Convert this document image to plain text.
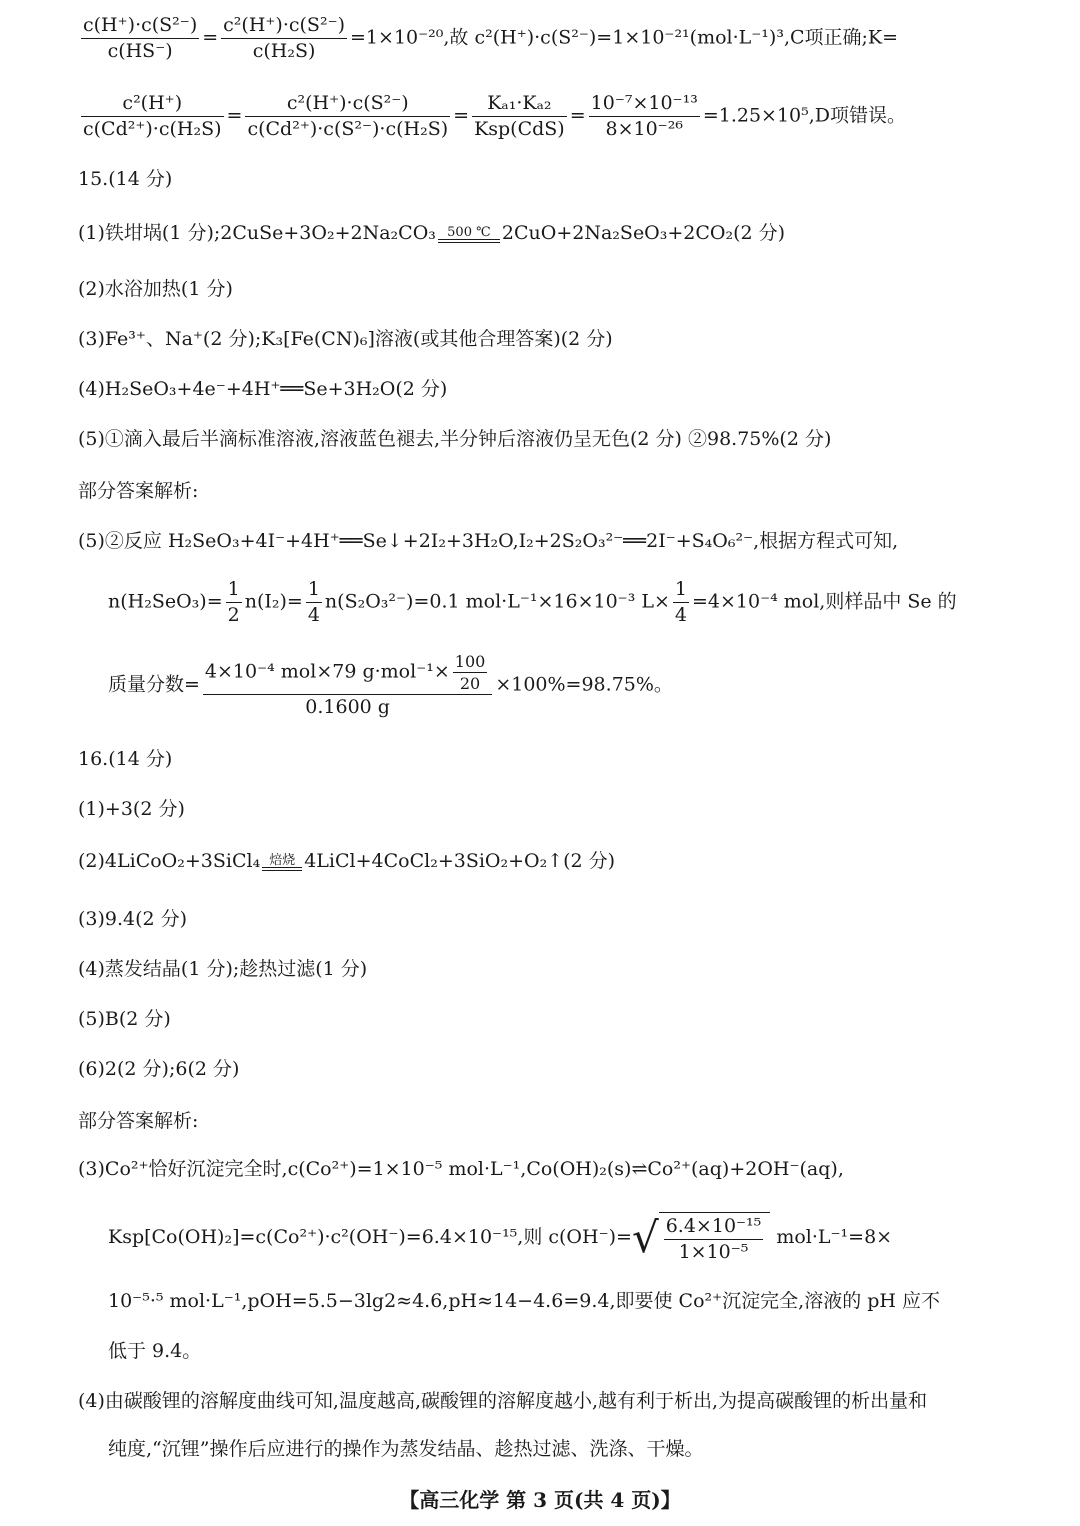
$\frac{\text{c(H⁺)·c(S²⁻)}}{c(HS^-)} = \frac{\text{c²(H⁺)·c(S²⁻)}}{\text{c(H₂S)}} =1\times 10^{-20}$,故 c²(H⁺)·c(S²⁻)=1×10⁻²¹(mol·L⁻¹)³,C项正确;K=
$\frac{\text{c²(H⁺)}}{\text{c(Cd²⁺)·c(H₂S)}} = \frac{\text{c²(H⁺)·c(S²⁻)}}{\text{c(Cd²⁺)·c(S²⁻)·c(H₂S)}} = \frac{\text{Kₐ₁·Kₐ₂}}{\text{Ksp(CdS)}} = \frac{\text{10⁻⁷×10⁻¹³}}{\text{8×10⁻²⁶}} =1.25\times 10^5,D$项错误。
15.(14 分)
(1)铁坩埚(1 分);2CuSe+3O₂+2Na₂CO₃ 500 ℃ 2CuO+2Na₂SeO₃+2CO₂(2 分)
(2)水浴加热(1 分)
(3)Fe³⁺、Na⁺(2 分);K₃[Fe(CN)₆]溶液(或其他合理答案)(2 分)
(4)H₂SeO₃+4e⁻+4H⁺══Se+3H₂O(2 分)
(5)①滴入最后半滴标准溶液,溶液蓝色褪去,半分钟后溶液仍呈无色(2 分) ②98.75%(2 分)
部分答案解析:
(5)②反应 H₂SeO₃+4I⁻+4H⁺══Se↓+2I₂+3H₂O,I₂+2S₂O₃²⁻══2I⁻+S₄O₆²⁻,根据方程式可知,
$n(H_2SeO_3)= \frac{1}{2} n(I_2)= \frac{1}{4} n(S_2O_3^{2-})=0.1$ mol·L⁻¹×16×10⁻³ $L\times \frac{1}{4} =4\times 10^{-4}$ mol,则样品中 Se 的
质量分数= $\frac{4\times 10^{-4} mol\times 79 g\cdot mol^{-1}\times \frac{100}{20}}{0.1600 g} \times 100\%=98.75\%$。
16.(14 分)
(1)+3(2 分)
(2)4LiCoO₂+3SiCl₄ 焙烧 4LiCl+4CoCl₂+3SiO₂+O₂↑(2 分)
(3)9.4(2 分)
(4)蒸发结晶(1 分);趁热过滤(1 分)
(5)B(2 分)
(6)2(2 分);6(2 分)
部分答案解析:
(3)Co²⁺恰好沉淀完全时,c(Co²⁺)=1×10⁻⁵ mol·L⁻¹,Co(OH)₂(s)⇌Co²⁺(aq)+2OH⁻(aq),
Ksp[Co(OH)₂]=c(Co²⁺)·c²(OH⁻)=6.4×10⁻¹⁵,则 $c(OH^-)=√ \frac{\text{6.4×10⁻¹⁵}}{\text{1×10⁻⁵}} mol\cdot L^{-1}=8\times$
10⁻⁵·⁵ mol·L⁻¹,pOH=5.5−3lg2≈4.6,pH≈14−4.6=9.4,即要使 Co²⁺沉淀完全,溶液的 pH 应不
低于 9.4。
(4)由碳酸锂的溶解度曲线可知,温度越高,碳酸锂的溶解度越小,越有利于析出,为提高碳酸锂的析出量和
纯度,“沉锂”操作后应进行的操作为蒸发结晶、趁热过滤、洗涤、干燥。
【高三化学 第 3 页(共 4 页)】
